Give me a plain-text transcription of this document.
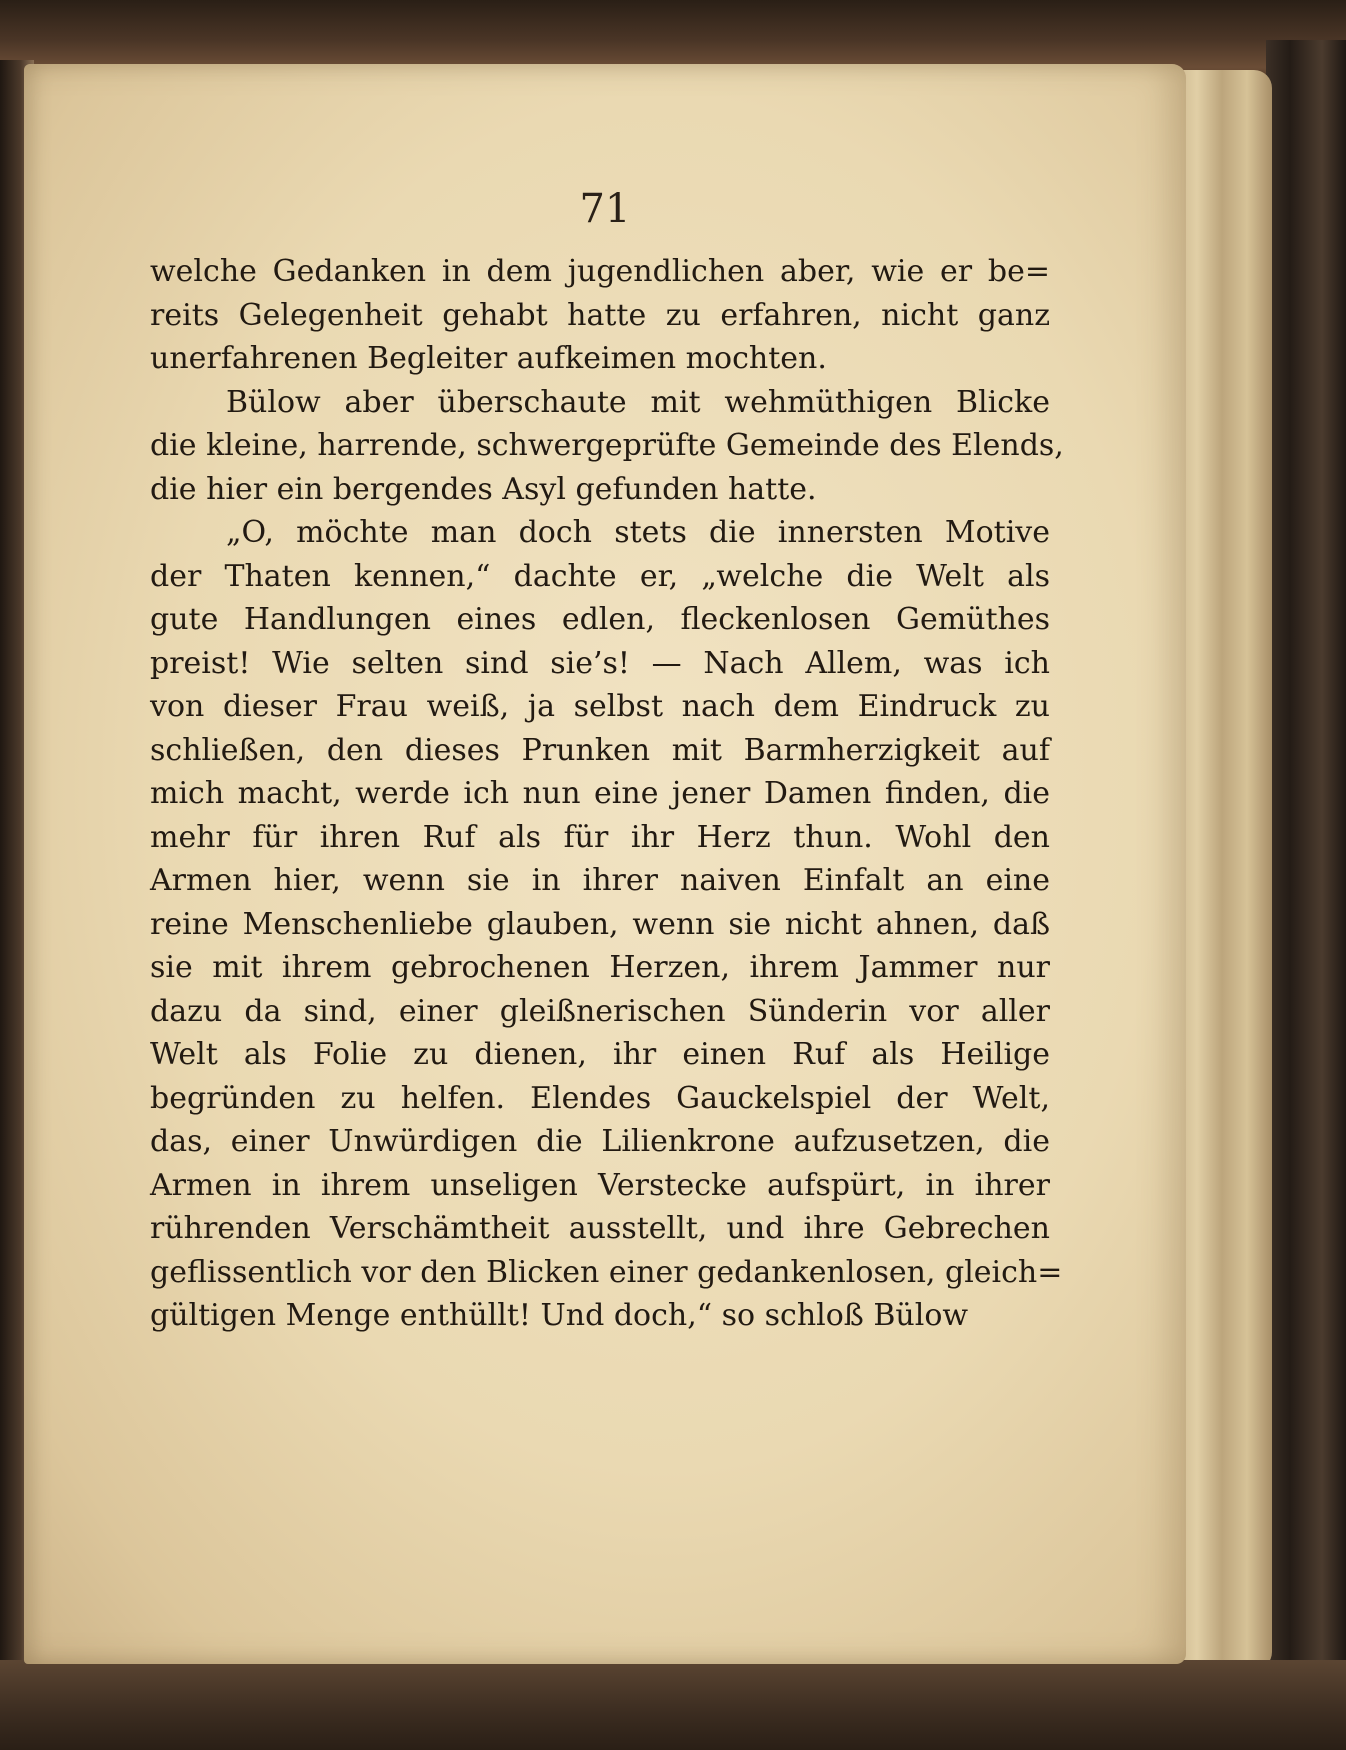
71
welche Gedanken in dem jugendlichen aber, wie er be=
reits Gelegenheit gehabt hatte zu erfahren, nicht ganz
unerfahrenen Begleiter aufkeimen mochten.
Bülow aber überschaute mit wehmüthigen Blicke
die kleine, harrende, schwergeprüfte Gemeinde des Elends,
die hier ein bergendes Asyl gefunden hatte.
„O, möchte man doch stets die innersten Motive
der Thaten kennen,“ dachte er, „welche die Welt als
gute Handlungen eines edlen, fleckenlosen Gemüthes
preist! Wie selten sind sie’s! — Nach Allem, was ich
von dieser Frau weiß, ja selbst nach dem Eindruck zu
schließen, den dieses Prunken mit Barmherzigkeit auf
mich macht, werde ich nun eine jener Damen finden, die
mehr für ihren Ruf als für ihr Herz thun. Wohl den
Armen hier, wenn sie in ihrer naiven Einfalt an eine
reine Menschenliebe glauben, wenn sie nicht ahnen, daß
sie mit ihrem gebrochenen Herzen, ihrem Jammer nur
dazu da sind, einer gleißnerischen Sünderin vor aller
Welt als Folie zu dienen, ihr einen Ruf als Heilige
begründen zu helfen. Elendes Gauckelspiel der Welt,
das, einer Unwürdigen die Lilienkrone aufzusetzen, die
Armen in ihrem unseligen Verstecke aufspürt, in ihrer
rührenden Verschämtheit ausstellt, und ihre Gebrechen
geflissentlich vor den Blicken einer gedankenlosen, gleich=
gültigen Menge enthüllt! Und doch,“ so schloß Bülow
